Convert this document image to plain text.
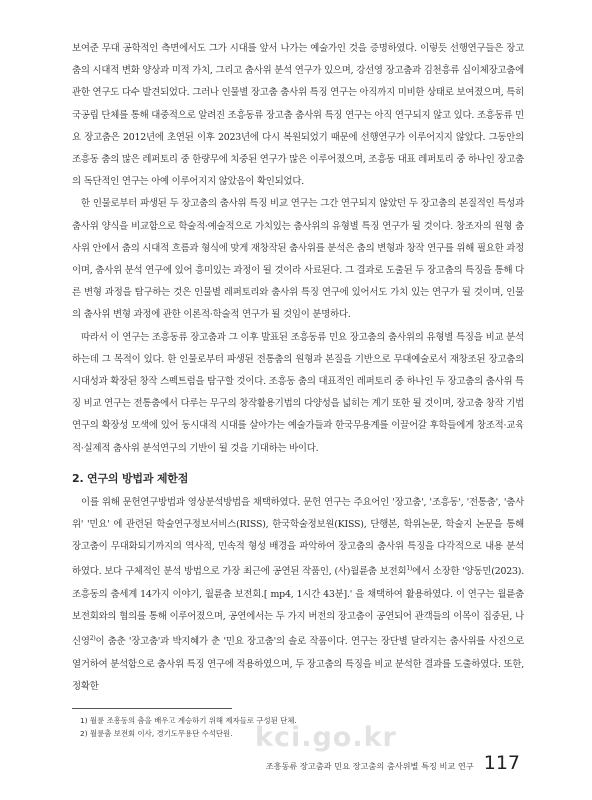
보여준 무대 공학적인 측면에서도 그가 시대를 앞서 나가는 예술가인 것을 증명하였다. 이렇듯 선행연구들은 장고춤의 시대적 변화 양상과 미적 가치, 그리고 춤사위 분석 연구가 있으며, 강선영 장고춤과 김천흥류 십이체장고춤에 관한 연구도 다수 발견되었다. 그러나 인물별 장고춤 춤사위 특징 연구는 아직까지 미비한 상태로 보여졌으며, 특히 국공립 단체를 통해 대중적으로 알려진 조흥동류 장고춤 춤사위 특징 연구는 아직 연구되지 않고 있다. 조흥동류 민요 장고춤은 2012년에 초연된 이후 2023년에 다시 복원되었기 때문에 선행연구가 이루어지지 않았다. 그동안의 조흥동 춤의 많은 레퍼토리 중 한량무에 치중된 연구가 많은 이루어졌으며, 조흥동 대표 레퍼토리 중 하나인 장고춤의 독단적인 연구는 아예 이루어지지 않았음이 확인되었다.

한 인물로부터 파생된 두 장고춤의 춤사위 특징 비교 연구는 그간 연구되지 않았던 두 장고춤의 본질적인 특성과 춤사위 양식을 비교함으로 학술적·예술적으로 가치있는 춤사위의 유형별 특징 연구가 될 것이다. 창조자의 원형 춤사위 안에서 춤의 시대적 흐름과 형식에 맞게 재창작된 춤사위를 분석은 춤의 변형과 창작 연구를 위해 필요한 과정이며, 춤사위 분석 연구에 있어 흥미있는 과정이 될 것이라 사료된다. 그 결과로 도출된 두 장고춤의 특징을 통해 다른 변형 과정을 탐구하는 것은 인물별 레퍼토리와 춤사위 특징 연구에 있어서도 가치 있는 연구가 될 것이며, 인물의 춤사위 변형 과정에 관한 이론적·학술적 연구가 될 것임이 분명하다.

따라서 이 연구는 조흥동류 장고춤과 그 이후 발표된 조흥동류 민요 장고춤의 춤사위의 유형별 특징을 비교 분석하는데 그 목적이 있다. 한 인물로부터 파생된 전통춤의 원형과 본질을 기반으로 무대예술로서 재창조된 장고춤의 시대성과 확장된 창작 스펙트럼을 탐구할 것이다. 조흥동 춤의 대표적인 레퍼토리 중 하나인 두 장고춤의 춤사위 특징 비교 연구는 전통춤에서 다루는 무구의 창작활용기법의 다양성을 넓히는 계기 또한 될 것이며, 장고춤 창작 기법 연구의 확장성 모색에 있어 동시대적 시대를 살아가는 예술가들과 한국무용계를 이끌어갈 후학들에게 창조적·교육적·실제적 춤사위 분석연구의 기반이 될 것을 기대하는 바이다.

2. 연구의 방법과 제한점

이를 위해 문헌연구방법과 영상분석방법을 채택하였다. 문헌 연구는 주요어인 '장고춤', '조흥동', '전통춤', '춤사위' '민요' 에 관련된 학술연구정보서비스(RISS), 한국학술정보원(KISS), 단행본, 학위논문, 학술지 논문을 통해 장고춤이 무대화되기까지의 역사적, 민속적 형성 배경을 파악하여 장고춤의 춤사위 특징을 다각적으로 내용 분석하였다. 보다 구체적인 분석 방법으로 가장 최근에 공연된 작품인, (사)월륜춤 보전회$^{1)}$에서 소장한 '양동민(2023). 조흥동의 춤세계 14가지 이야기, 월륜춤 보전회.[ mp4, 1시간 43분].' 을 채택하여 활용하였다. 이 연구는 월륜춤 보전회와의 협의를 통해 이루어졌으며, 공연에서는 두 가지 버전의 장고춤이 공연되어 관객들의 이목이 집중된, 나신영$^{2)}$이 춤춘 '장고춤'과 박지혜가 춘 '민요 장고춤'의 솔로 작품이다. 연구는 장단별 달라지는 춤사위를 사진으로 열거하여 분석함으로 춤사위 특징 연구에 적용하였으며, 두 장고춤의 특징을 비교 분석한 결과를 도출하였다. 또한, 정확한

1) 월륜 조흥동의 춤을 배우고 계승하기 위해 제자들로 구성된 단체.
2) 월륜춤 보전회 이사, 경기도무용단 수석단원. kci.go.kr
조흥동류 장고춤과 민요 장고춤의 춤사위별 특징 비교 연구 117
